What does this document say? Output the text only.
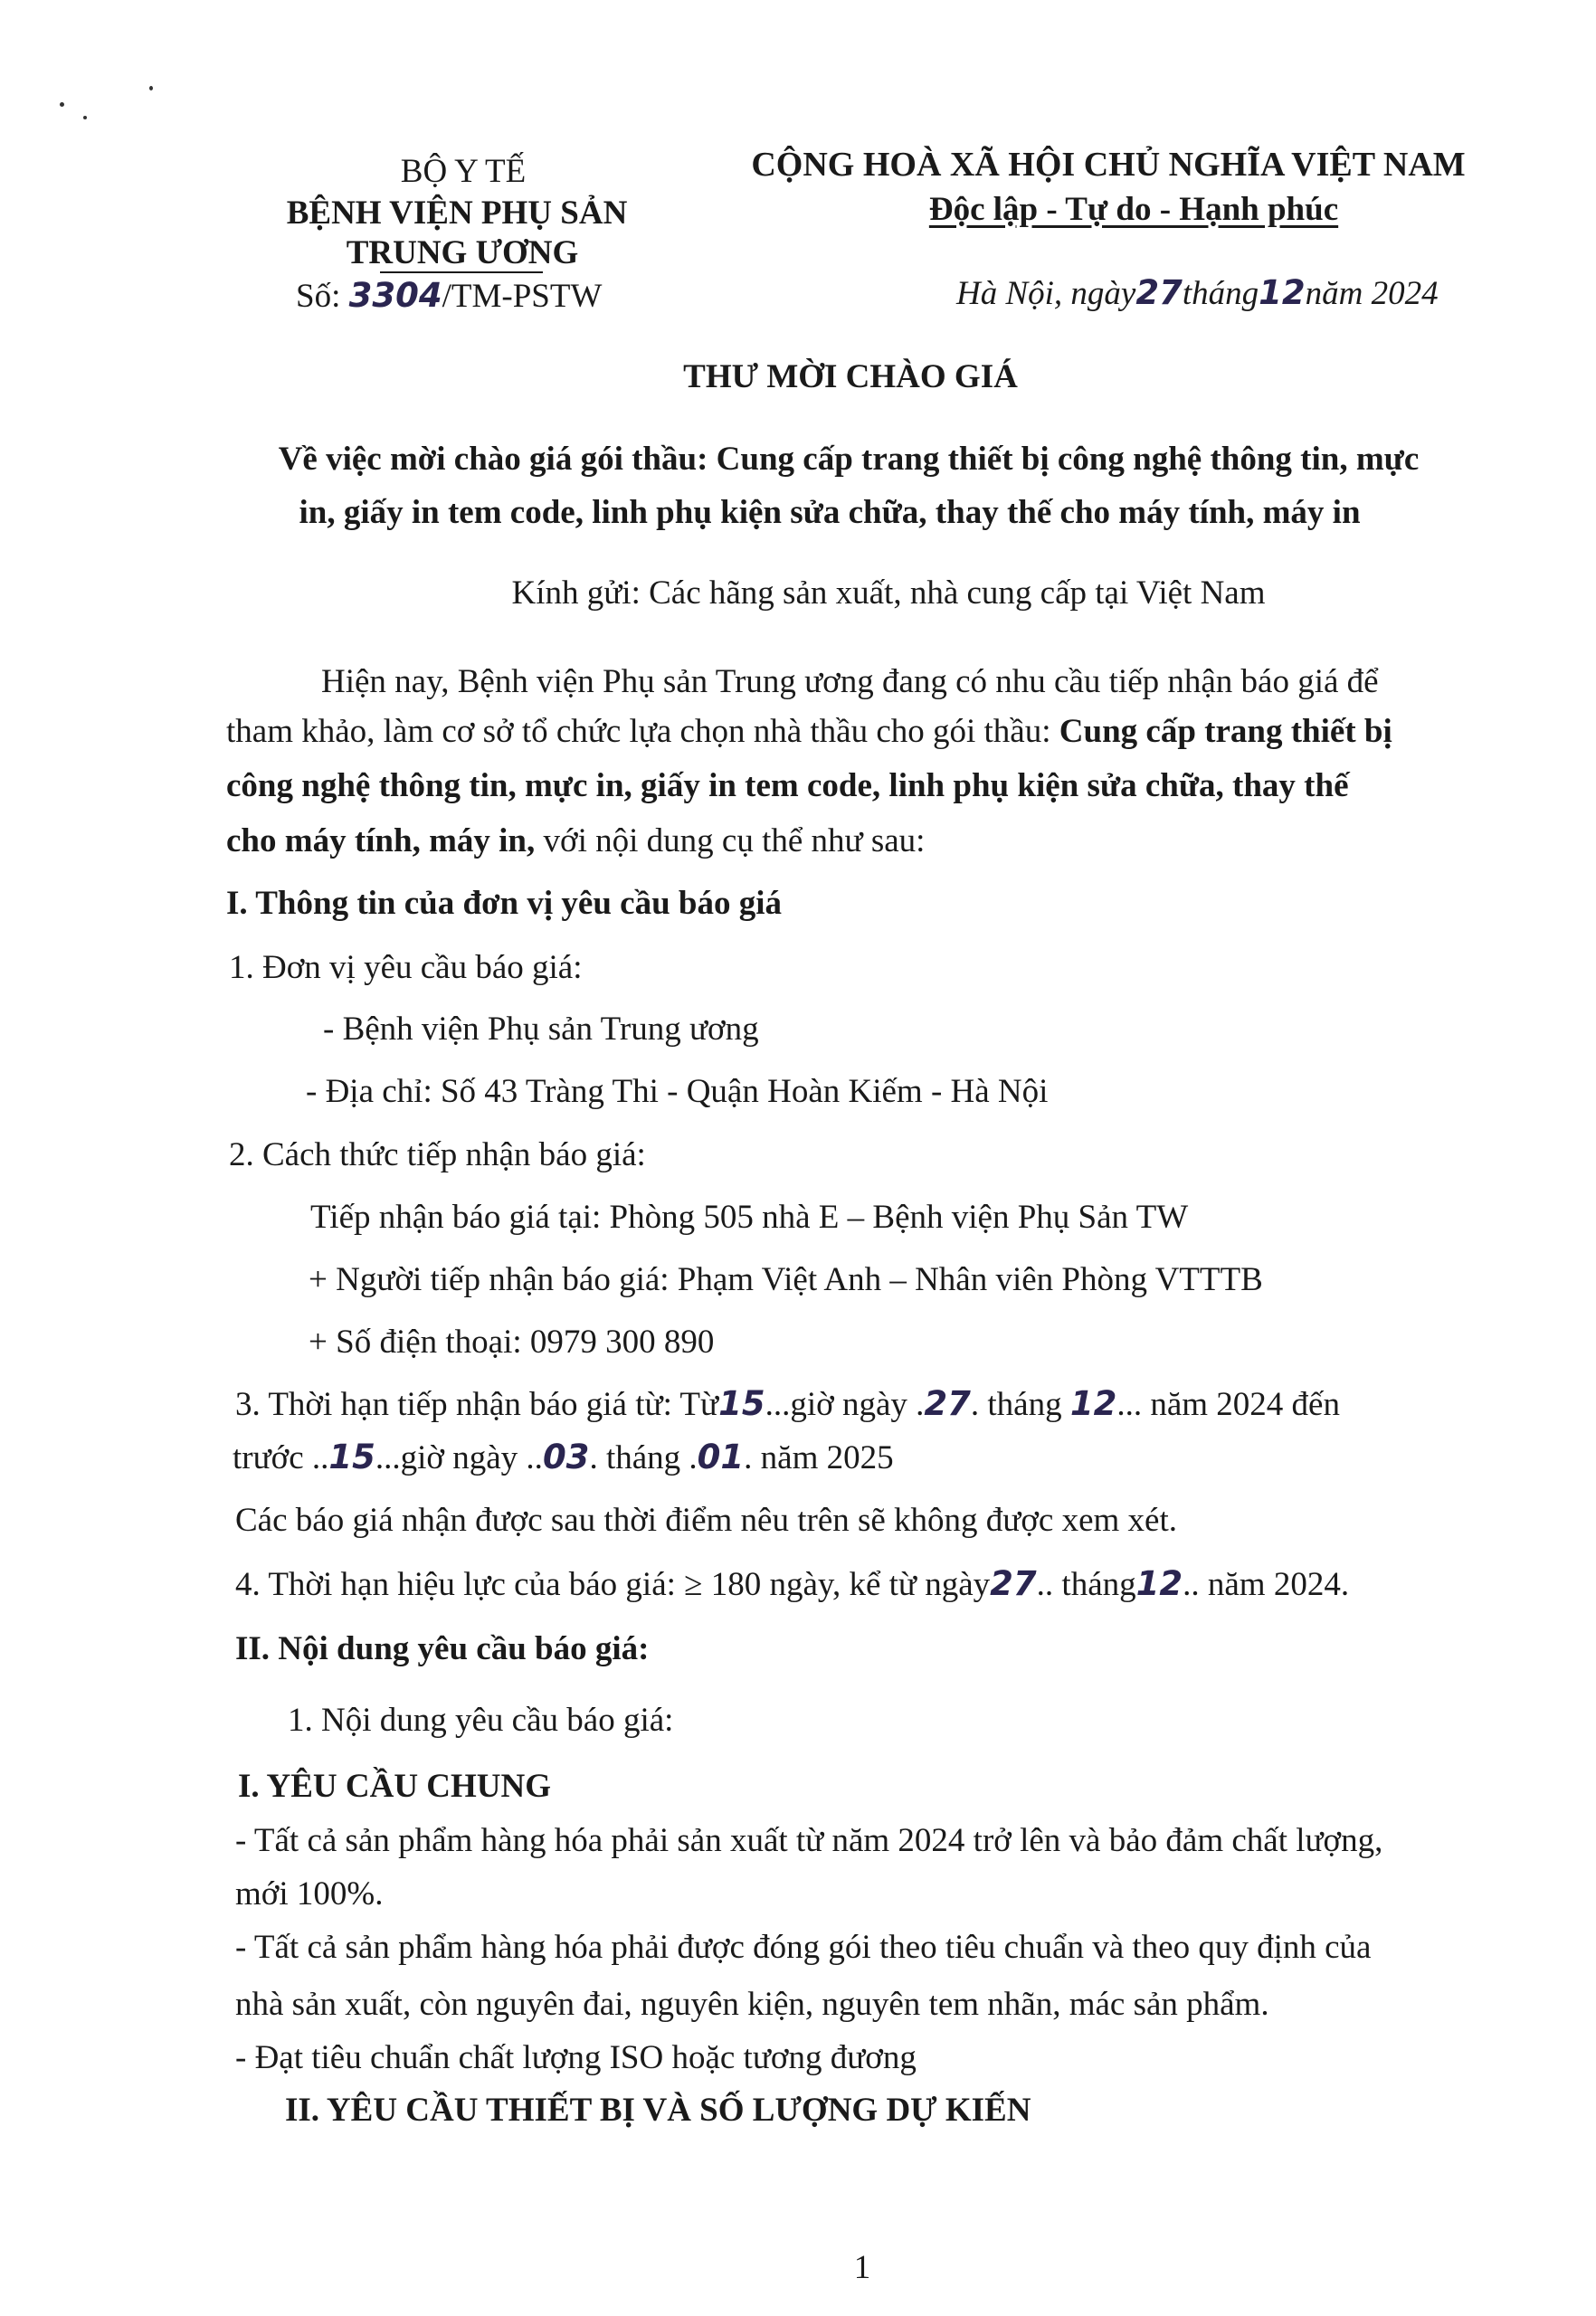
BỘ Y TẾ
BỆNH VIỆN PHỤ SẢN
TRUNG ƯƠNG
Số: 3304/TM-PSTW
CỘNG HOÀ XÃ HỘI CHỦ NGHĨA VIỆT NAM
Độc lập - Tự do - Hạnh phúc
Hà Nội, ngày27tháng12năm 2024
THƯ MỜI CHÀO GIÁ
Về việc mời chào giá gói thầu: Cung cấp trang thiết bị công nghệ thông tin, mực
in, giấy in tem code, linh phụ kiện sửa chữa, thay thế cho máy tính, máy in
Kính gửi: Các hãng sản xuất, nhà cung cấp tại Việt Nam
Hiện nay, Bệnh viện Phụ sản Trung ương đang có nhu cầu tiếp nhận báo giá để
tham khảo, làm cơ sở tổ chức lựa chọn nhà thầu cho gói thầu: Cung cấp trang thiết bị
công nghệ thông tin, mực in, giấy in tem code, linh phụ kiện sửa chữa, thay thế
cho máy tính, máy in, với nội dung cụ thể như sau:
I. Thông tin của đơn vị yêu cầu báo giá
1. Đơn vị yêu cầu báo giá:
- Bệnh viện Phụ sản Trung ương
- Địa chỉ: Số 43 Tràng Thi - Quận Hoàn Kiếm - Hà Nội
2. Cách thức tiếp nhận báo giá:
Tiếp nhận báo giá tại: Phòng 505 nhà E – Bệnh viện Phụ Sản TW
+ Người tiếp nhận báo giá: Phạm Việt Anh – Nhân viên Phòng VTTTB
+ Số điện thoại: 0979 300 890
3. Thời hạn tiếp nhận báo giá từ: Từ15...giờ ngày .27. tháng 12... năm 2024 đến
trước ..15...giờ ngày ..03. tháng .01. năm 2025
Các báo giá nhận được sau thời điểm nêu trên sẽ không được xem xét.
4. Thời hạn hiệu lực của báo giá: ≥ 180 ngày, kể từ ngày27.. tháng12.. năm 2024.
II. Nội dung yêu cầu báo giá:
1. Nội dung yêu cầu báo giá:
I. YÊU CẦU CHUNG
- Tất cả sản phẩm hàng hóa phải sản xuất từ năm 2024 trở lên và bảo đảm chất lượng,
mới 100%.
- Tất cả sản phẩm hàng hóa phải được đóng gói theo tiêu chuẩn và theo quy định của
nhà sản xuất, còn nguyên đai, nguyên kiện, nguyên tem nhãn, mác sản phẩm.
- Đạt tiêu chuẩn chất lượng ISO hoặc tương đương
II. YÊU CẦU THIẾT BỊ VÀ SỐ LƯỢNG DỰ KIẾN
1
